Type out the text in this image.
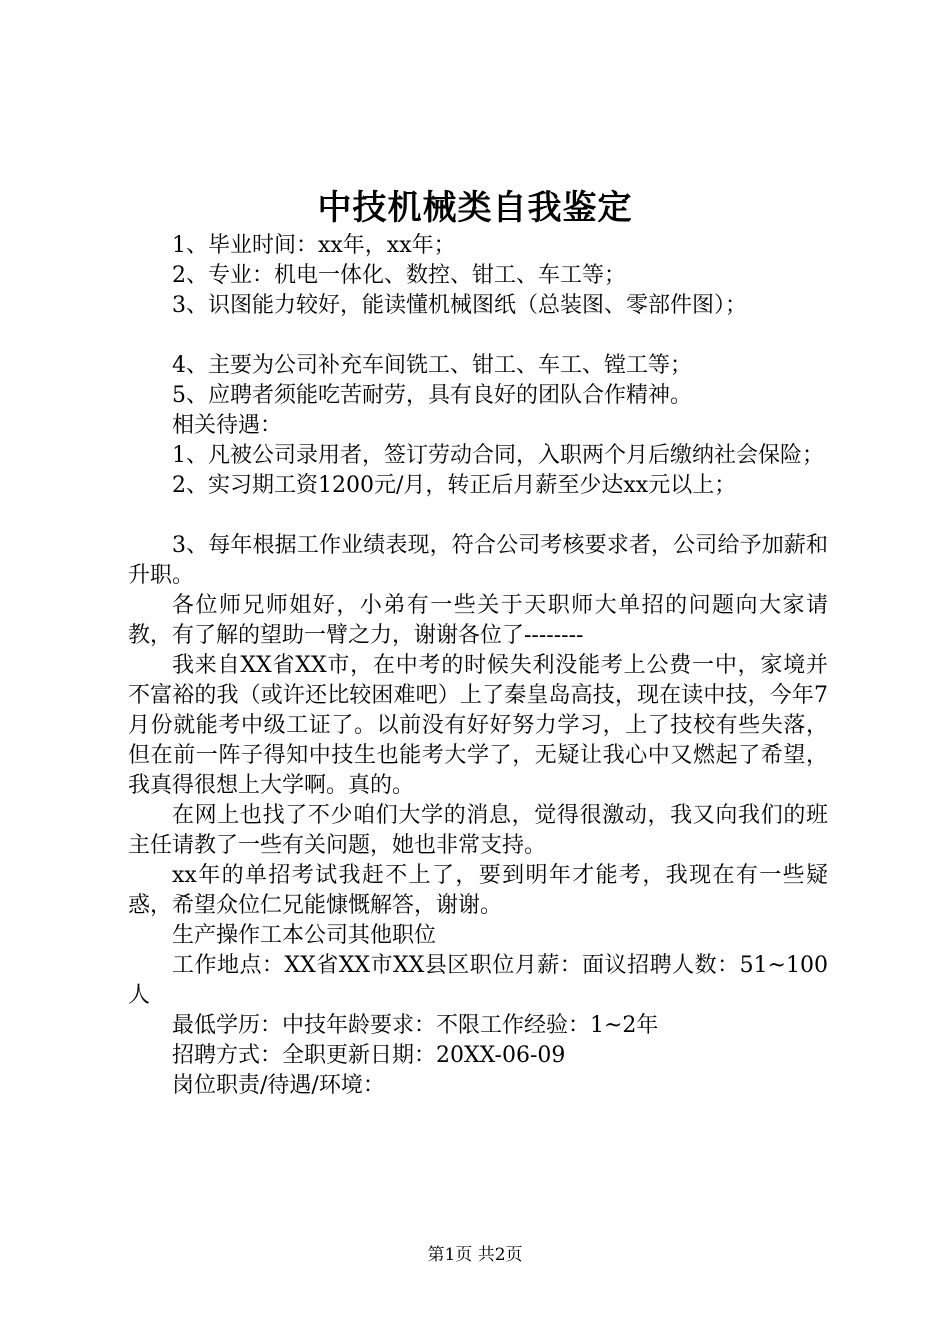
中技机械类自我鉴定

1、毕业时间：xx年，xx年；

2、专业：机电一体化、数控、钳工、车工等；

3、识图能力较好，能读懂机械图纸（总装图、零部件图）；

4、主要为公司补充车间铣工、钳工、车工、镗工等；

5、应聘者须能吃苦耐劳，具有良好的团队合作精神。

相关待遇：

1、凡被公司录用者，签订劳动合同，入职两个月后缴纳社会保险；

2、实习期工资1200元/月，转正后月薪至少达xx元以上；

3、每年根据工作业绩表现，符合公司考核要求者，公司给予加薪和升职。

各位师兄师姐好，小弟有一些关于天职师大单招的问题向大家请教，有了解的望助一臂之力，谢谢各位了--------

我来自XX省XX市，在中考的时候失利没能考上公费一中，家境并不富裕的我（或许还比较困难吧）上了秦皇岛高技，现在读中技，今年7月份就能考中级工证了。以前没有好好努力学习，上了技校有些失落，但在前一阵子得知中技生也能考大学了，无疑让我心中又燃起了希望，我真得很想上大学啊。真的。

在网上也找了不少咱们大学的消息，觉得很激动，我又向我们的班主任请教了一些有关问题，她也非常支持。

xx年的单招考试我赶不上了，要到明年才能考，我现在有一些疑惑，希望众位仁兄能慷慨解答，谢谢。

生产操作工本公司其他职位

工作地点：XX省XX市XX县区职位月薪：面议招聘人数：51~100人

最低学历：中技年龄要求：不限工作经验：1~2年

招聘方式：全职更新日期：20XX-06-09

岗位职责/待遇/环境：

第1页 共2页
